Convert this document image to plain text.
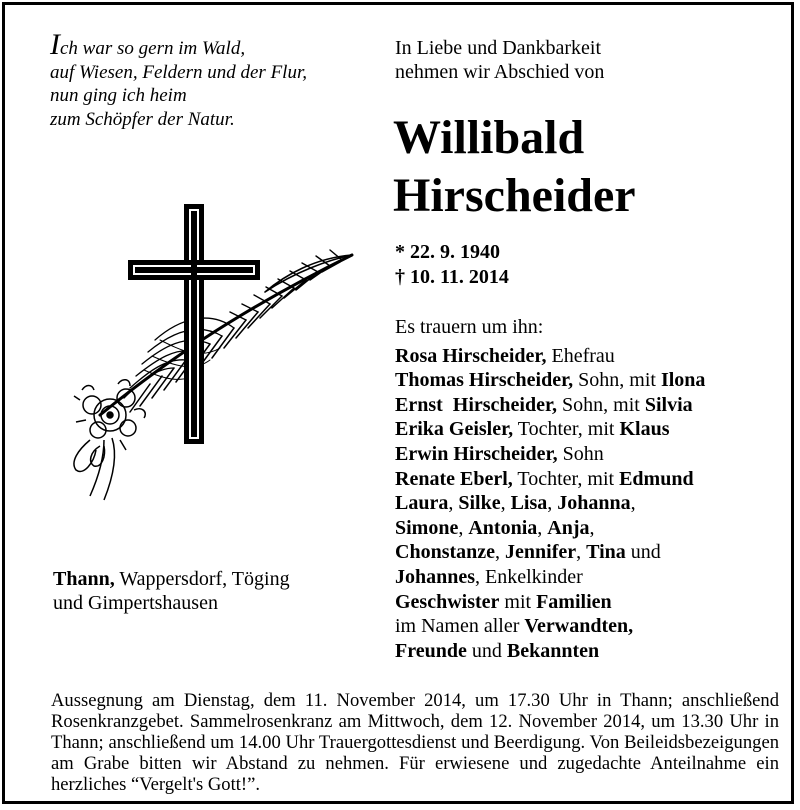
Ich war so gern im Wald,
auf Wiesen, Feldern und der Flur,
nun ging ich heim
zum Schöpfer der Natur.
In Liebe und Dankbarkeit
nehmen wir Abschied von
Willibald
Hirscheider
* 22. 9. 1940
† 10. 11. 2014
Es trauern um ihn:
Rosa Hirscheider, Ehefrau
Thomas Hirscheider, Sohn, mit Ilona
Ernst  Hirscheider, Sohn, mit Silvia
Erika Geisler, Tochter, mit Klaus
Erwin Hirscheider, Sohn
Renate Eberl, Tochter, mit Edmund
Laura, Silke, Lisa, Johanna,
Simone, Antonia, Anja,
Chonstanze, Jennifer, Tina und
Johannes, Enkelkinder
Geschwister mit Familien
im Namen aller Verwandten,
Freunde und Bekannten
Thann, Wappersdorf, Töging
und Gimpertshausen
Aussegnung am Dienstag, dem 11. November 2014, um 17.30 Uhr in Thann; anschließend Rosenkranzgebet. Sammelrosenkranz am Mittwoch, dem 12. November 2014, um 13.30 Uhr in Thann; anschließend um 14.00 Uhr Trauergottesdienst und Beerdigung. Von Beileidsbezeigungen am Grabe bitten wir Abstand zu nehmen. Für erwiesene und zugedachte Anteilnahme ein herzliches “Vergelt's Gott!”.
